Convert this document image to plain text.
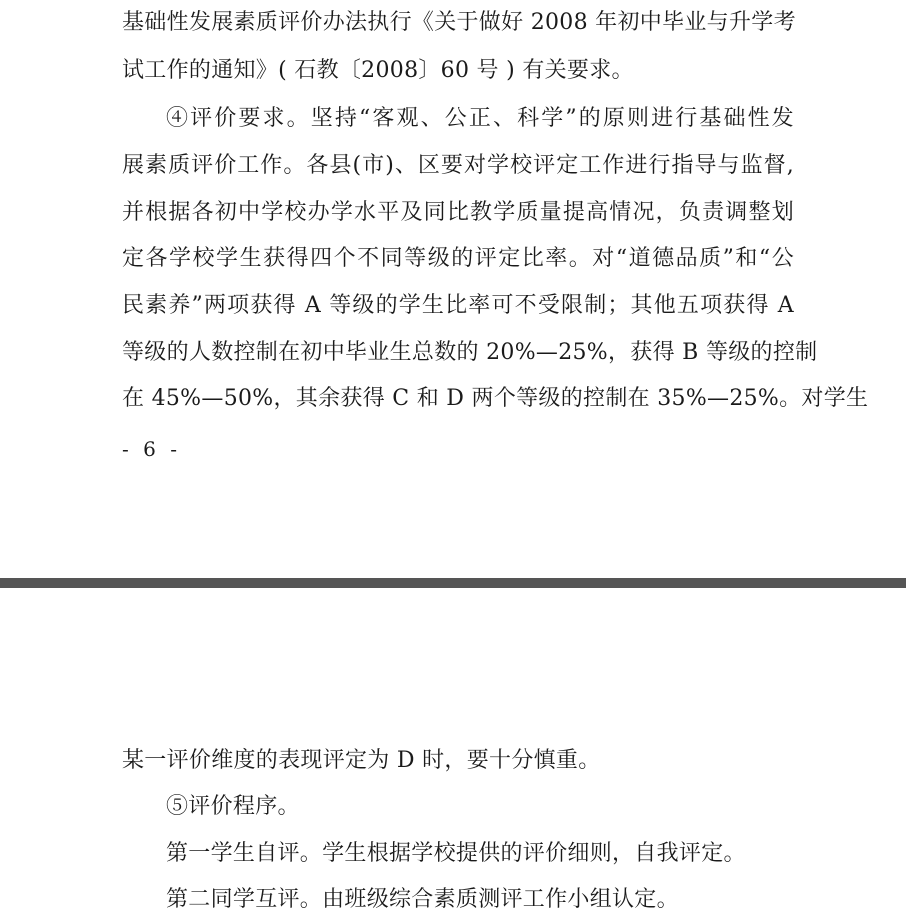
基础性发展素质评价办法执行《关于做好 2008 年初中毕业与升学考
试工作的通知》( 石教〔2008〕60 号 ) 有关要求。
④评价要求。坚持“客观、公正、科学”的原则进行基础性发
展素质评价工作。各县(市)、区要对学校评定工作进行指导与监督,
并根据各初中学校办学水平及同比教学质量提高情况，负责调整划
定各学校学生获得四个不同等级的评定比率。对“道德品质”和“公
民素养”两项获得 A 等级的学生比率可不受限制；其他五项获得 A
等级的人数控制在初中毕业生总数的 20%—25%，获得 B 等级的控制
在 45%—50%，其余获得 C 和 D 两个等级的控制在 35%—25%。对学生
- 6 -
某一评价维度的表现评定为 D 时，要十分慎重。
⑤评价程序。
第一学生自评。学生根据学校提供的评价细则，自我评定。
第二同学互评。由班级综合素质测评工作小组认定。
